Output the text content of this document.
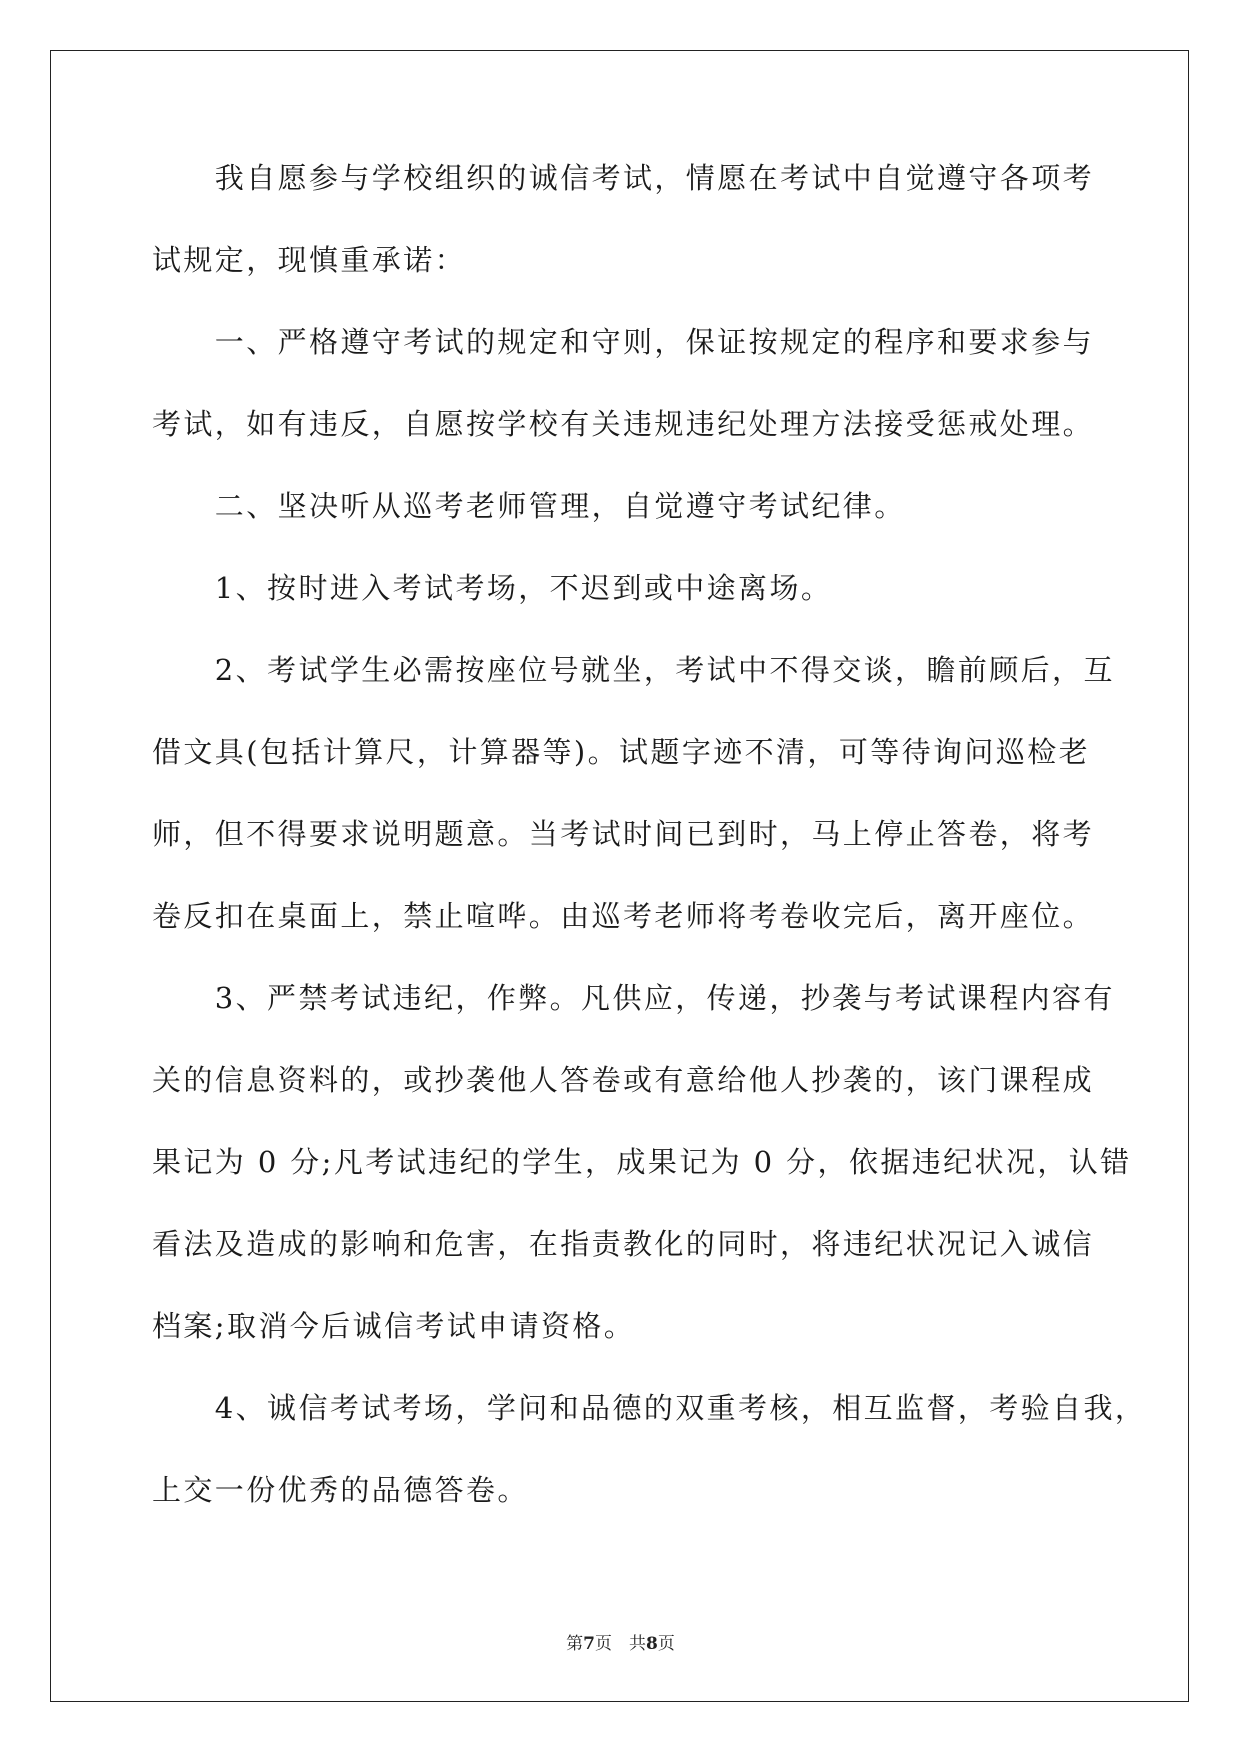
　　我自愿参与学校组织的诚信考试，情愿在考试中自觉遵守各项考
试规定，现慎重承诺：
　　一、严格遵守考试的规定和守则，保证按规定的程序和要求参与
考试，如有违反，自愿按学校有关违规违纪处理方法接受惩戒处理。
　　二、坚决听从巡考老师管理，自觉遵守考试纪律。
　　1、按时进入考试考场，不迟到或中途离场。
　　2、考试学生必需按座位号就坐，考试中不得交谈，瞻前顾后，互
借文具(包括计算尺，计算器等)。试题字迹不清，可等待询问巡检老
师，但不得要求说明题意。当考试时间已到时，马上停止答卷，将考
卷反扣在桌面上，禁止喧哗。由巡考老师将考卷收完后，离开座位。
　　3、严禁考试违纪，作弊。凡供应，传递，抄袭与考试课程内容有
关的信息资料的，或抄袭他人答卷或有意给他人抄袭的，该门课程成
果记为 0 分;凡考试违纪的学生，成果记为 0 分，依据违纪状况，认错
看法及造成的影响和危害，在指责教化的同时，将违纪状况记入诚信
档案;取消今后诚信考试申请资格。
　　4、诚信考试考场，学问和品德的双重考核，相互监督，考验自我，
上交一份优秀的品德答卷。
第7页　共8页
